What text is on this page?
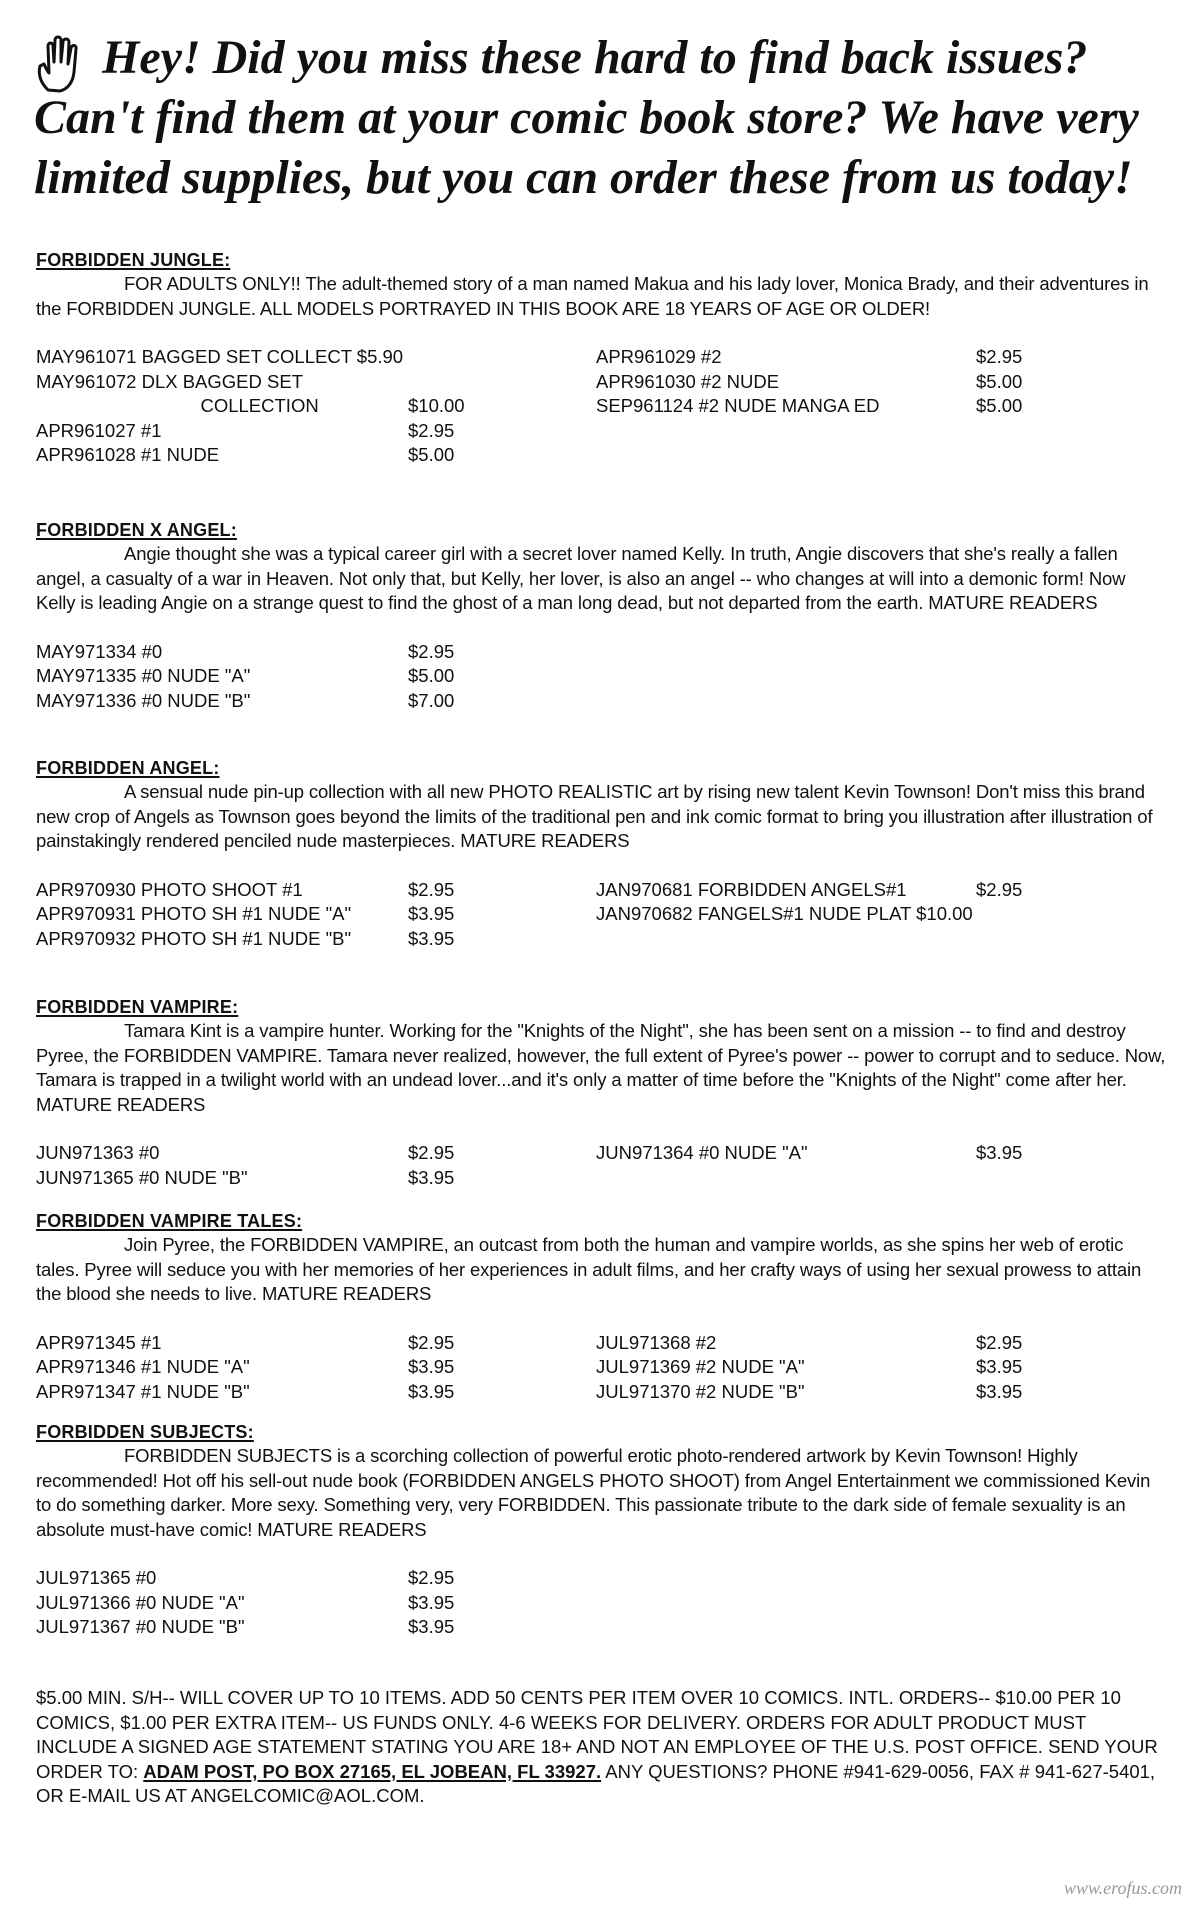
Hey! Did you miss these hard to find back issues?
Can't find them at your comic book store? We have very
limited supplies, but you can order these from us today!
FORBIDDEN JUNGLE:

FOR ADULTS ONLY!! The adult-themed story of a man named Makua and his lady lover, Monica Brady, and their adventures in the FORBIDDEN JUNGLE. ALL MODELS PORTRAYED IN THIS BOOK ARE 18 YEARS OF AGE OR OLDER!

MAY961071 BAGGED SET COLLECT $5.90
MAY961072 DLX BAGGED SET
COLLECTION	$10.00
APR961027 #1	$2.95
APR961028 #1 NUDE	$5.00
APR961029 #2	$2.95
APR961030 #2 NUDE	$5.00
SEP961124 #2 NUDE MANGA ED	$5.00
FORBIDDEN X ANGEL:

Angie thought she was a typical career girl with a secret lover named Kelly. In truth, Angie discovers that she's really a fallen angel, a casualty of a war in Heaven. Not only that, but Kelly, her lover, is also an angel -- who changes at will into a demonic form! Now Kelly is leading Angie on a strange quest to find the ghost of a man long dead, but not departed from the earth. MATURE READERS

MAY971334 #0	$2.95
MAY971335 #0 NUDE "A"	$5.00
MAY971336 #0 NUDE "B"	$7.00
FORBIDDEN ANGEL:

A sensual nude pin-up collection with all new PHOTO REALISTIC art by rising new talent Kevin Townson! Don't miss this brand new crop of Angels as Townson goes beyond the limits of the traditional pen and ink comic format to bring you illustration after illustration of painstakingly rendered penciled nude masterpieces. MATURE READERS

APR970930 PHOTO SHOOT #1	$2.95
APR970931 PHOTO SH #1 NUDE "A"	$3.95
APR970932 PHOTO SH #1 NUDE "B"	$3.95
JAN970681 FORBIDDEN ANGELS#1	$2.95
JAN970682 FANGELS#1 NUDE PLAT $10.00
FORBIDDEN VAMPIRE:

Tamara Kint is a vampire hunter. Working for the "Knights of the Night", she has been sent on a mission -- to find and destroy Pyree, the FORBIDDEN VAMPIRE. Tamara never realized, however, the full extent of Pyree's power -- power to corrupt and to seduce. Now, Tamara is trapped in a twilight world with an undead lover...and it's only a matter of time before the "Knights of the Night" come after her. MATURE READERS

JUN971363 #0	$2.95
JUN971365 #0 NUDE "B"	$3.95
JUN971364 #0 NUDE "A"	$3.95
FORBIDDEN VAMPIRE TALES:

Join Pyree, the FORBIDDEN VAMPIRE, an outcast from both the human and vampire worlds, as she spins her web of erotic tales. Pyree will seduce you with her memories of her experiences in adult films, and her crafty ways of using her sexual prowess to attain the blood she needs to live. MATURE READERS

APR971345 #1	$2.95
APR971346 #1 NUDE "A"	$3.95
APR971347 #1 NUDE "B"	$3.95
JUL971368 #2	$2.95
JUL971369 #2 NUDE "A"	$3.95
JUL971370 #2 NUDE "B"	$3.95
FORBIDDEN SUBJECTS:

FORBIDDEN SUBJECTS is a scorching collection of powerful erotic photo-rendered artwork by Kevin Townson! Highly recommended! Hot off his sell-out nude book (FORBIDDEN ANGELS PHOTO SHOOT) from Angel Entertainment we commissioned Kevin to do something darker. More sexy. Something very, very FORBIDDEN. This passionate tribute to the dark side of female sexuality is an absolute must-have comic! MATURE READERS

JUL971365 #0	$2.95
JUL971366 #0 NUDE "A"	$3.95
JUL971367 #0 NUDE "B"	$3.95
$5.00 MIN. S/H-- WILL COVER UP TO 10 ITEMS. ADD 50 CENTS PER ITEM OVER 10 COMICS. INTL. ORDERS-- $10.00 PER 10 COMICS, $1.00 PER EXTRA ITEM-- US FUNDS ONLY. 4-6 WEEKS FOR DELIVERY. ORDERS FOR ADULT PRODUCT MUST INCLUDE A SIGNED AGE STATEMENT STATING YOU ARE 18+ AND NOT AN EMPLOYEE OF THE U.S. POST OFFICE. SEND YOUR ORDER TO: ADAM POST, PO BOX 27165, EL JOBEAN, FL 33927. ANY QUESTIONS? PHONE #941-629-0056, FAX # 941-627-5401, OR E-MAIL US AT ANGELCOMIC@AOL.COM.
www.erofus.com
